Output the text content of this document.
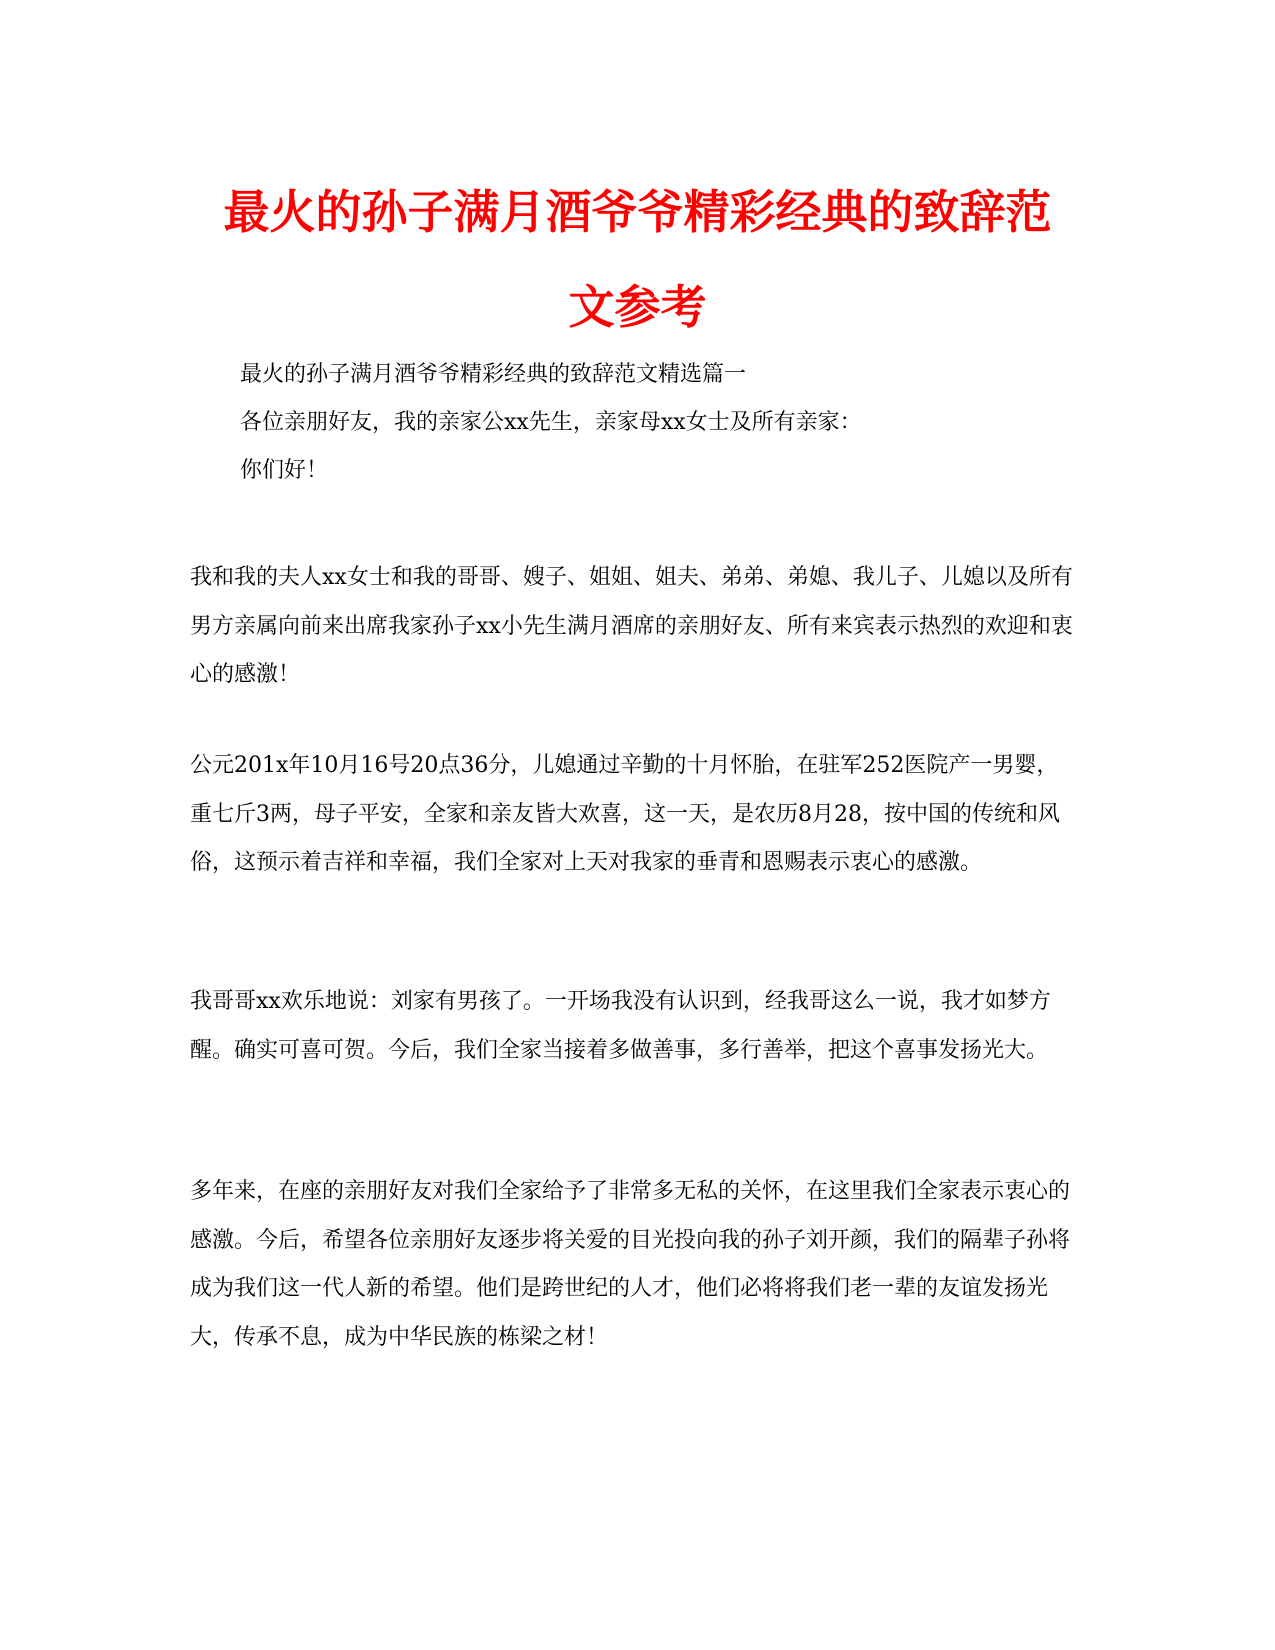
最火的孙子满月酒爷爷精彩经典的致辞范
文参考
最火的孙子满月酒爷爷精彩经典的致辞范文精选篇一
各位亲朋好友，我的亲家公xx先生，亲家母xx女士及所有亲家：
你们好！
我和我的夫人xx女士和我的哥哥、嫂子、姐姐、姐夫、弟弟、弟媳、我儿子、儿媳以及所有男方亲属向前来出席我家孙子xx小先生满月酒席的亲朋好友、所有来宾表示热烈的欢迎和衷心的感激！
公元201x年10月16号20点36分，儿媳通过辛勤的十月怀胎，在驻军252医院产一男婴，重七斤3两，母子平安，全家和亲友皆大欢喜，这一天，是农历8月28，按中国的传统和风俗，这预示着吉祥和幸福，我们全家对上天对我家的垂青和恩赐表示衷心的感激。
我哥哥xx欢乐地说：刘家有男孩了。一开场我没有认识到，经我哥这么一说，我才如梦方醒。确实可喜可贺。今后，我们全家当接着多做善事，多行善举，把这个喜事发扬光大。
多年来，在座的亲朋好友对我们全家给予了非常多无私的关怀，在这里我们全家表示衷心的感激。今后，希望各位亲朋好友逐步将关爱的目光投向我的孙子刘开颜，我们的隔辈子孙将成为我们这一代人新的希望。他们是跨世纪的人才，他们必将将我们老一辈的友谊发扬光大，传承不息，成为中华民族的栋梁之材！
